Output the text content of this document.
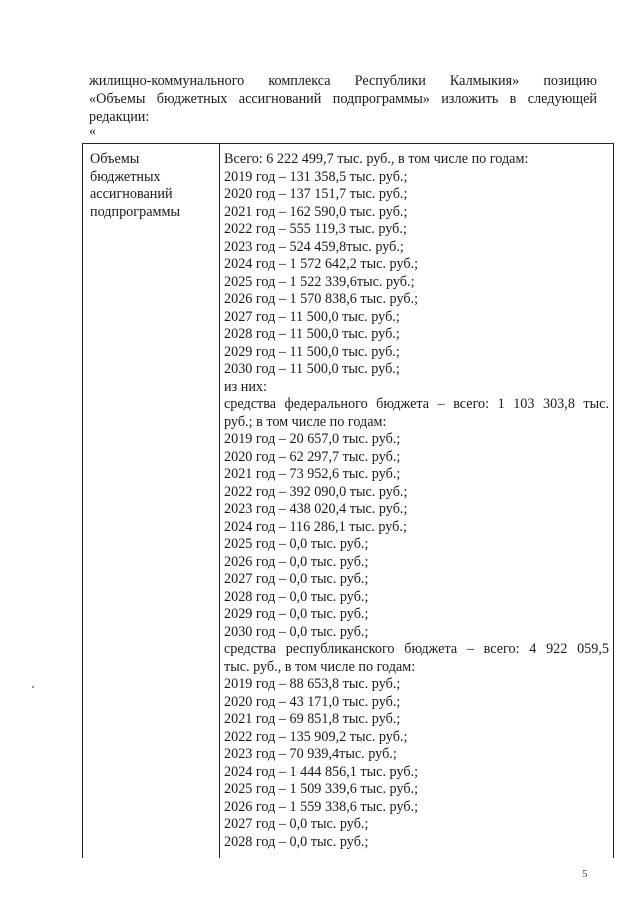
жилищно-коммунального комплекса Республики Калмыкия» позицию

«Объемы бюджетных ассигнований подпрограммы» изложить в следующей

редакции:

«
Объемы
бюджетных
ассигнований
подпрограммы
Всего: 6 222 499,7 тыс. руб., в том числе по годам:
2019 год – 131 358,5 тыс. руб.;
2020 год – 137 151,7 тыс. руб.;
2021 год – 162 590,0 тыс. руб.;
2022 год – 555 119,3 тыс. руб.;
2023 год – 524 459,8тыс. руб.;
2024 год – 1 572 642,2 тыс. руб.;
2025 год – 1 522 339,6тыс. руб.;
2026 год – 1 570 838,6 тыс. руб.;
2027 год – 11 500,0 тыс. руб.;
2028 год – 11 500,0 тыс. руб.;
2029 год – 11 500,0 тыс. руб.;
2030 год – 11 500,0 тыс. руб.;
из них:
средства федерального бюджета – всего: 1 103 303,8 тыс.
руб.; в том числе по годам:
2019 год – 20 657,0 тыс. руб.;
2020 год – 62 297,7 тыс. руб.;
2021 год – 73 952,6 тыс. руб.;
2022 год – 392 090,0 тыс. руб.;
2023 год – 438 020,4 тыс. руб.;
2024 год – 116 286,1 тыс. руб.;
2025 год – 0,0 тыс. руб.;
2026 год – 0,0 тыс. руб.;
2027 год – 0,0 тыс. руб.;
2028 год – 0,0 тыс. руб.;
2029 год – 0,0 тыс. руб.;
2030 год – 0,0 тыс. руб.;
средства республиканского бюджета – всего: 4 922 059,5
тыс. руб., в том числе по годам:
2019 год – 88 653,8 тыс. руб.;
2020 год – 43 171,0 тыс. руб.;
2021 год – 69 851,8 тыс. руб.;
2022 год – 135 909,2 тыс. руб.;
2023 год – 70 939,4тыс. руб.;
2024 год – 1 444 856,1 тыс. руб.;
2025 год – 1 509 339,6 тыс. руб.;
2026 год – 1 559 338,6 тыс. руб.;
2027 год – 0,0 тыс. руб.;
2028 год – 0,0 тыс. руб.;
5
